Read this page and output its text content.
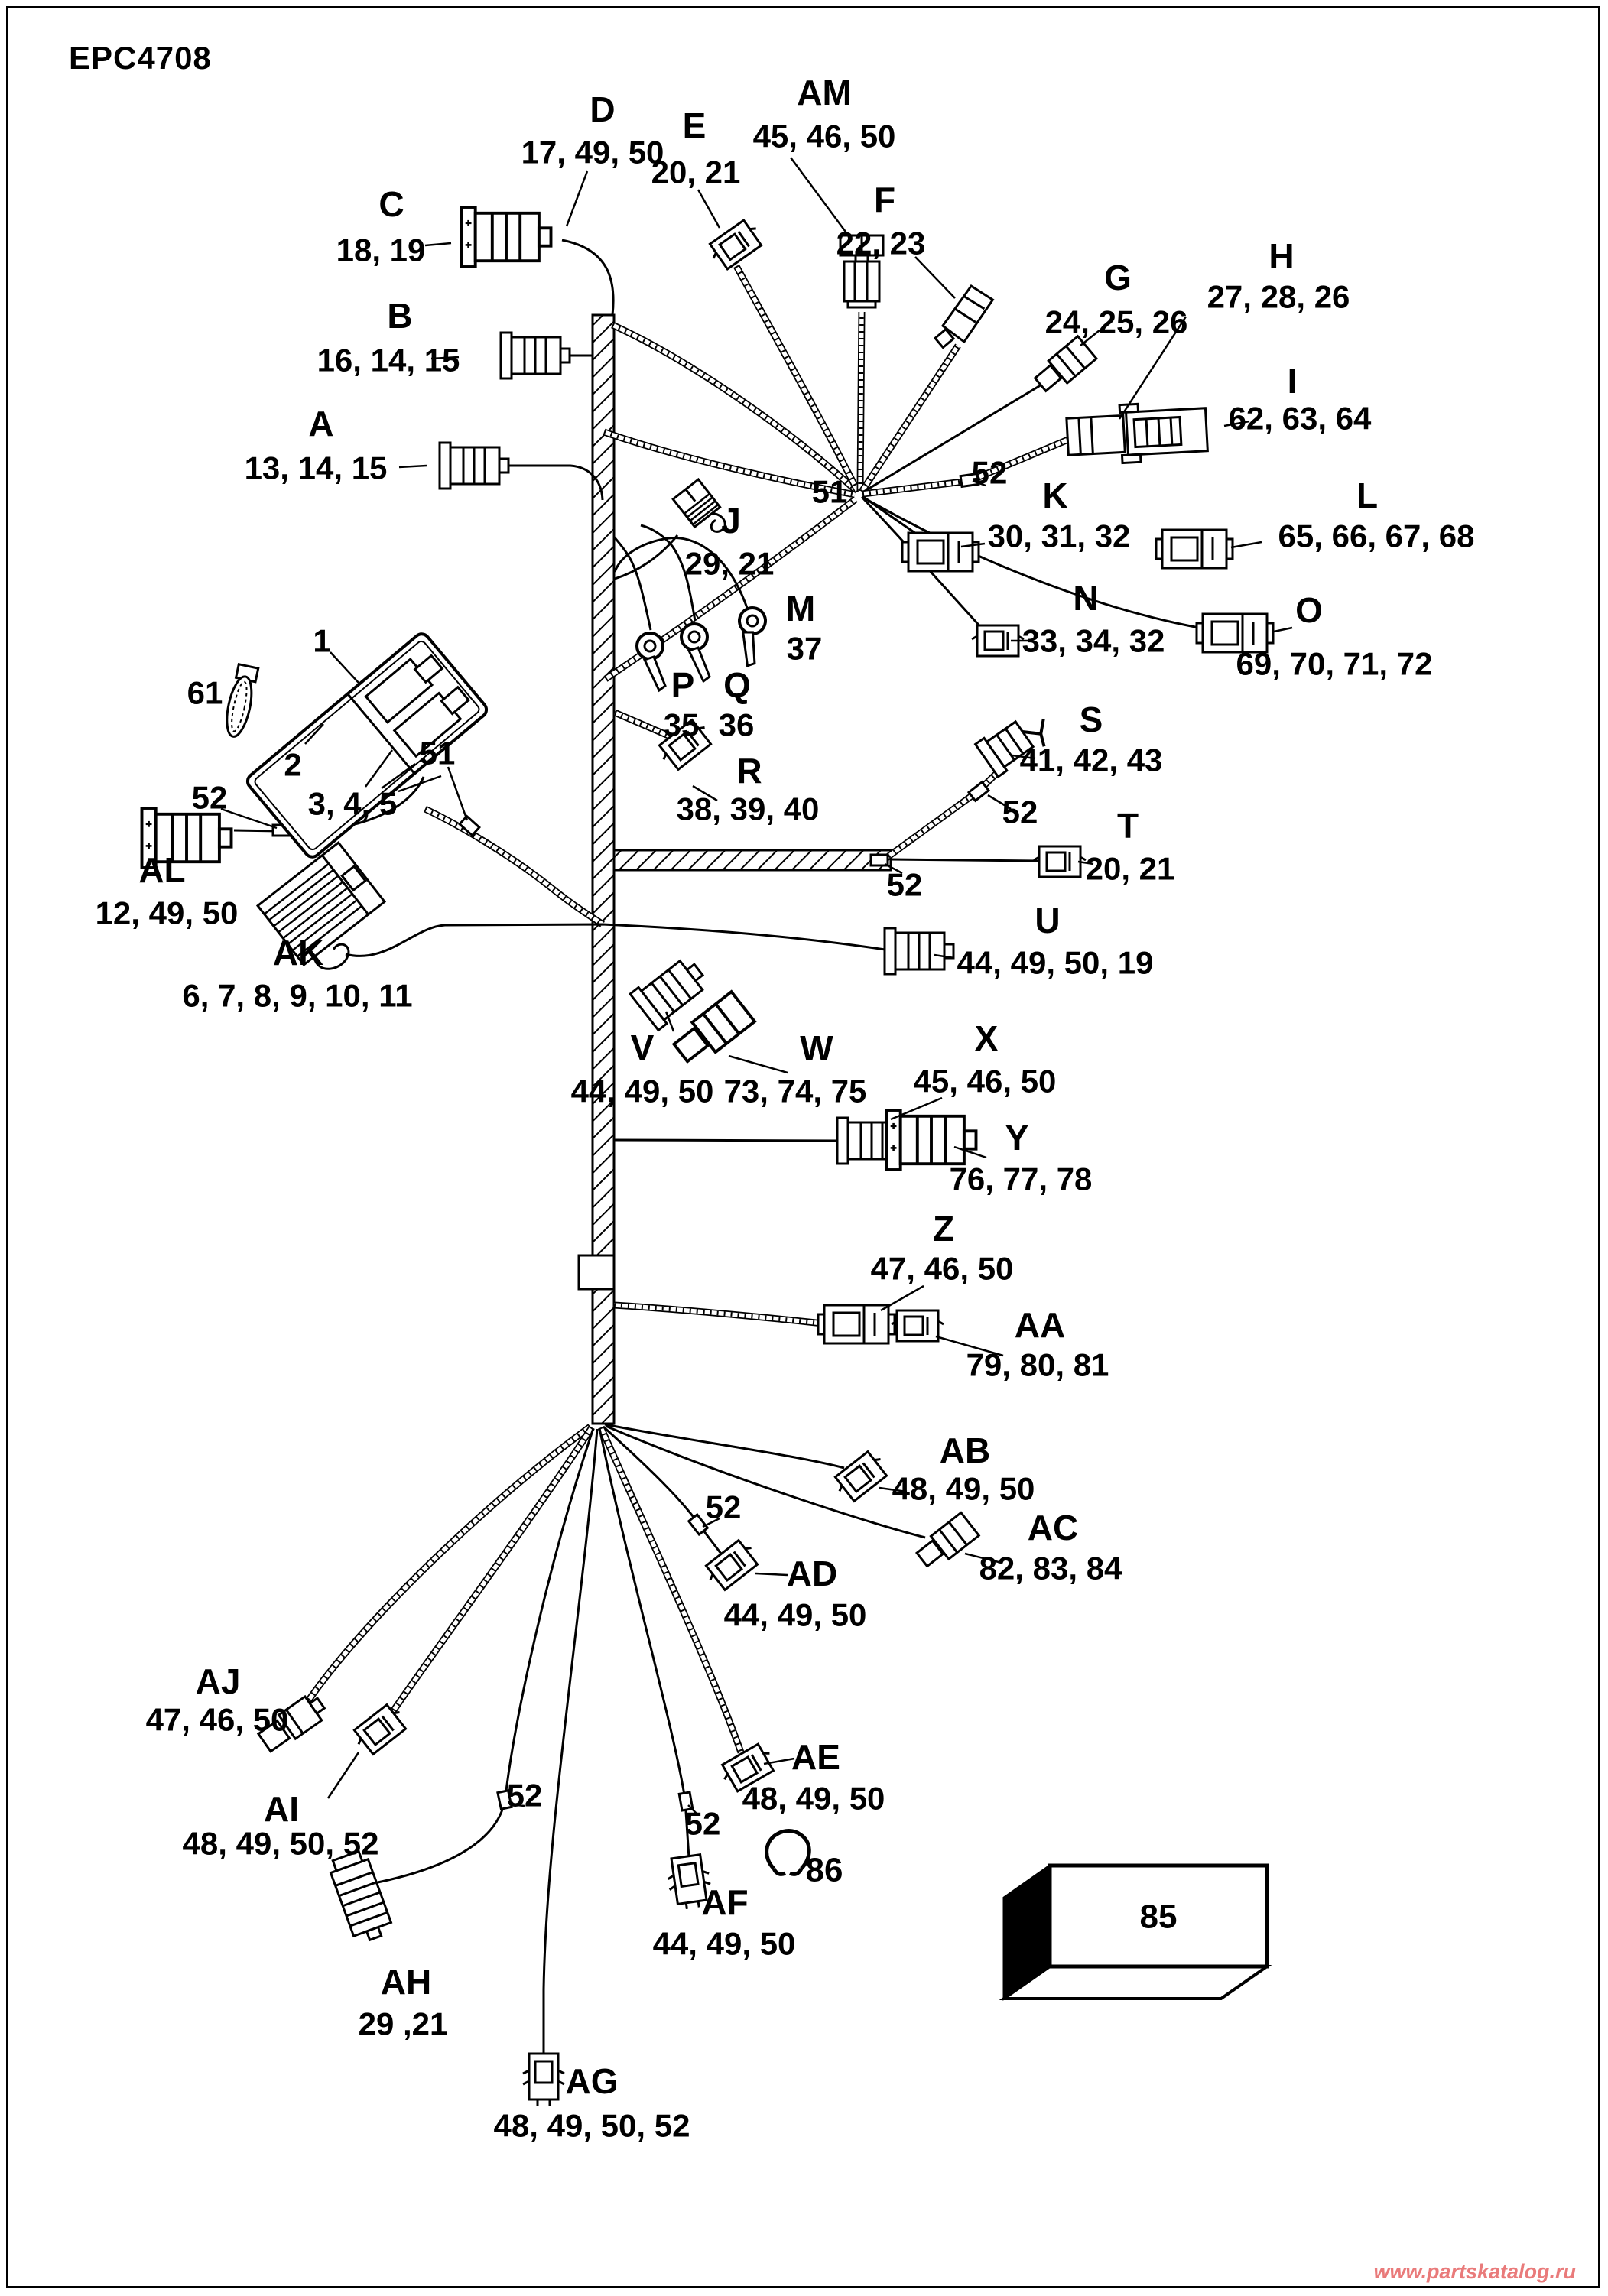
EPC4708
A
B
C
D E
AM
F
G
H
I
J
K	L
M	N	O
P Q
R
S
T
U
V	W	X
Y
Z
AA
AB
AC
AD
AE
AF
AG
AH
AI
AJ
AK
AL
13, 14, 15
16, 14, 15
18, 19
17, 49, 50
20, 21
45, 46, 50
22, 23
24, 25, 26
27, 28, 26
62, 63, 64
30, 31, 32	65, 66, 67, 68
33, 34, 32
69, 70, 71, 72
29, 21
37
35 36
38, 39, 40
41, 42, 43
20, 21
44, 49, 50, 19
44, 49, 50 73, 74, 75 45, 46, 50
76, 77, 78
47, 46, 50
79, 80, 81
48, 49, 50
82, 83, 84
44, 49, 50
47, 46, 50
48, 49, 50, 52
48, 49, 50
44, 49, 50
29 ,21
48, 49, 50, 52
12, 49, 50
6, 7, 8, 9, 10, 11
3, 4, 5
1
2
61
51
51
52
52	52
52
52
52
52
85
86
www.partskatalog.ru
